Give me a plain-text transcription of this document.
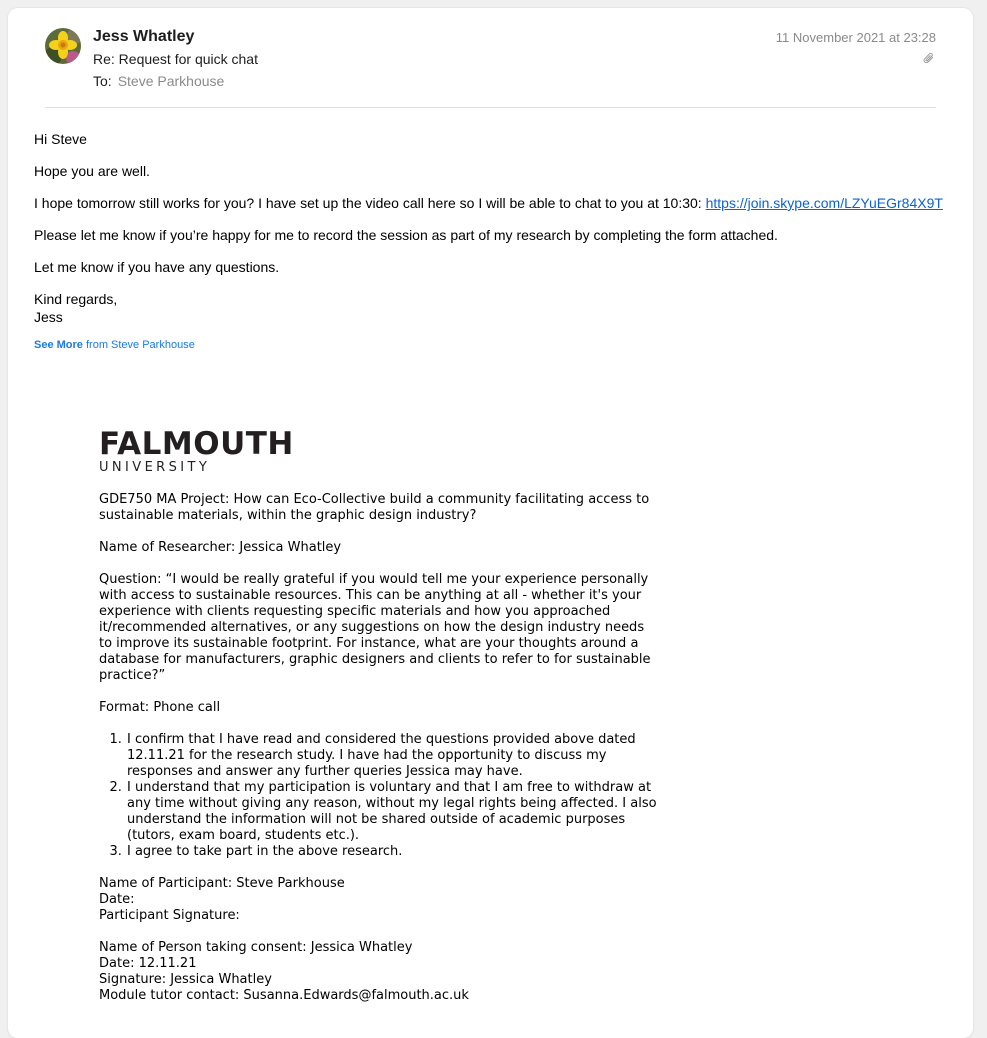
Jess Whatley
Re: Request for quick chat
To: Steve Parkhouse
11 November 2021 at 23:28

Hi Steve

Hope you are well.

I hope tomorrow still works for you? I have set up the video call here so I will be able to chat to you at 10:30: https://join.skype.com/LZYuEGr84X9T

Please let me know if you’re happy for me to record the session as part of my research by completing the form attached.

Let me know if you have any questions.

Kind regards,
Jess
See More from Steve Parkhouse
FALMOUTH
UNIVERSITY

GDE750 MA Project: How can Eco-Collective build a community facilitating access to sustainable materials, within the graphic design industry?

Name of Researcher: Jessica Whatley

Question: “I would be really grateful if you would tell me your experience personally with access to sustainable resources. This can be anything at all - whether it's your experience with clients requesting specific materials and how you approached it/recommended alternatives, or any suggestions on how the design industry needs to improve its sustainable footprint. For instance, what are your thoughts around a database for manufacturers, graphic designers and clients to refer to for sustainable practice?”

Format: Phone call

1. I confirm that I have read and considered the questions provided above dated 12.11.21 for the research study. I have had the opportunity to discuss my responses and answer any further queries Jessica may have.
2. I understand that my participation is voluntary and that I am free to withdraw at any time without giving any reason, without my legal rights being affected. I also understand the information will not be shared outside of academic purposes (tutors, exam board, students etc.).
3. I agree to take part in the above research.
Name of Participant: Steve Parkhouse
Date:
Participant Signature:
Name of Person taking consent: Jessica Whatley
Date: 12.11.21
Signature: Jessica Whatley
Module tutor contact: Susanna.Edwards@falmouth.ac.uk
